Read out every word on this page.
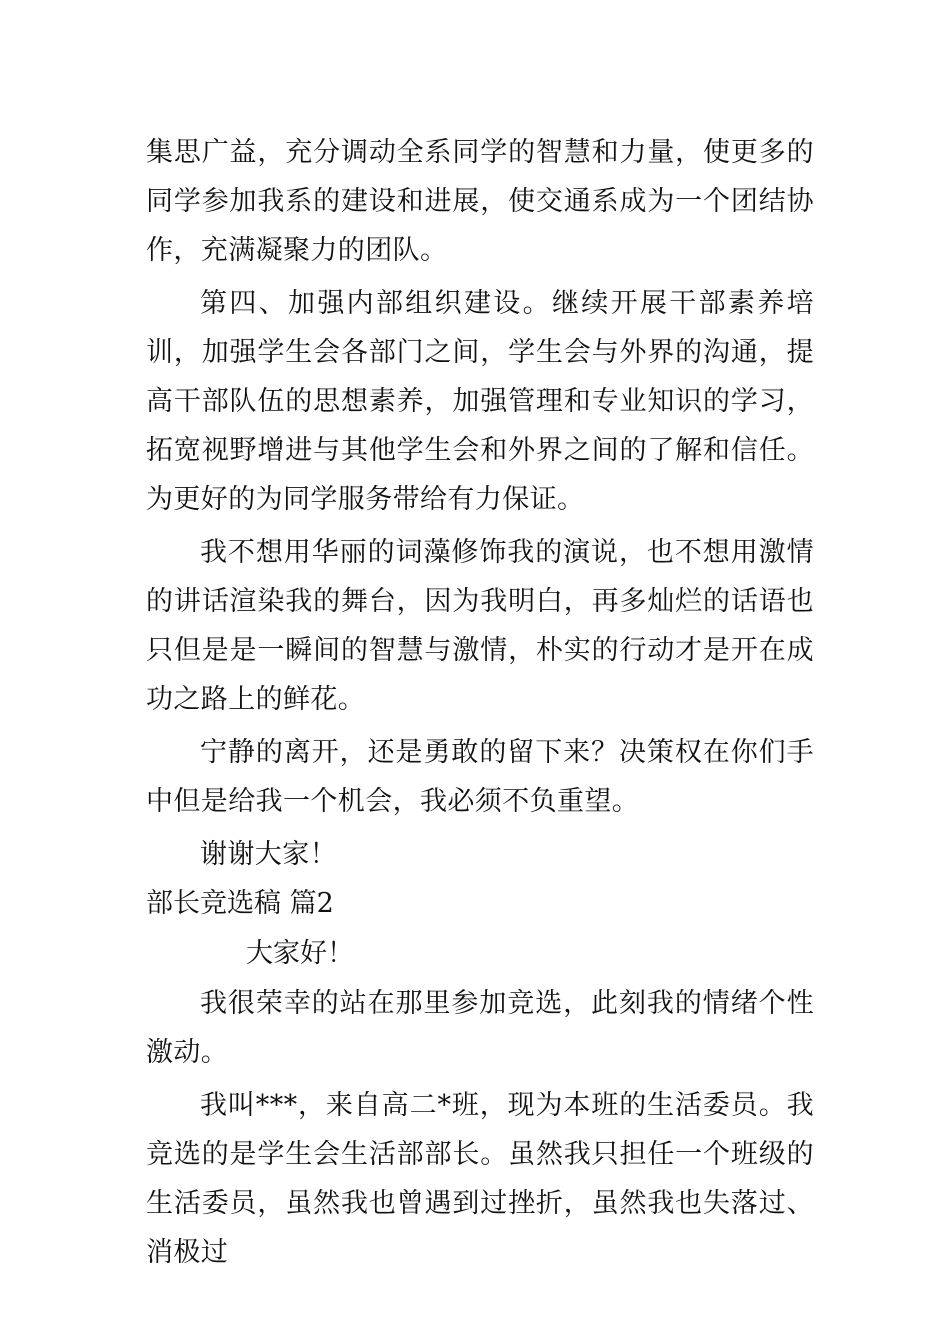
集思广益，充分调动全系同学的智慧和力量，使更多的同学参加我系的建设和进展，使交通系成为一个团结协作，充满凝聚力的团队。

第四、加强内部组织建设。继续开展干部素养培训，加强学生会各部门之间，学生会与外界的沟通，提高干部队伍的思想素养，加强管理和专业知识的学习，拓宽视野增进与其他学生会和外界之间的了解和信任。为更好的为同学服务带给有力保证。

我不想用华丽的词藻修饰我的演说，也不想用激情的讲话渲染我的舞台，因为我明白，再多灿烂的话语也只但是是一瞬间的智慧与激情，朴实的行动才是开在成功之路上的鲜花。

宁静的离开，还是勇敢的留下来？决策权在你们手中但是给我一个机会，我必须不负重望。

谢谢大家！

部长竞选稿 篇2

大家好！

我很荣幸的站在那里参加竞选，此刻我的情绪个性激动。

我叫***，来自高二*班，现为本班的生活委员。我竞选的是学生会生活部部长。虽然我只担任一个班级的生活委员，虽然我也曾遇到过挫折，虽然我也失落过、消极过
